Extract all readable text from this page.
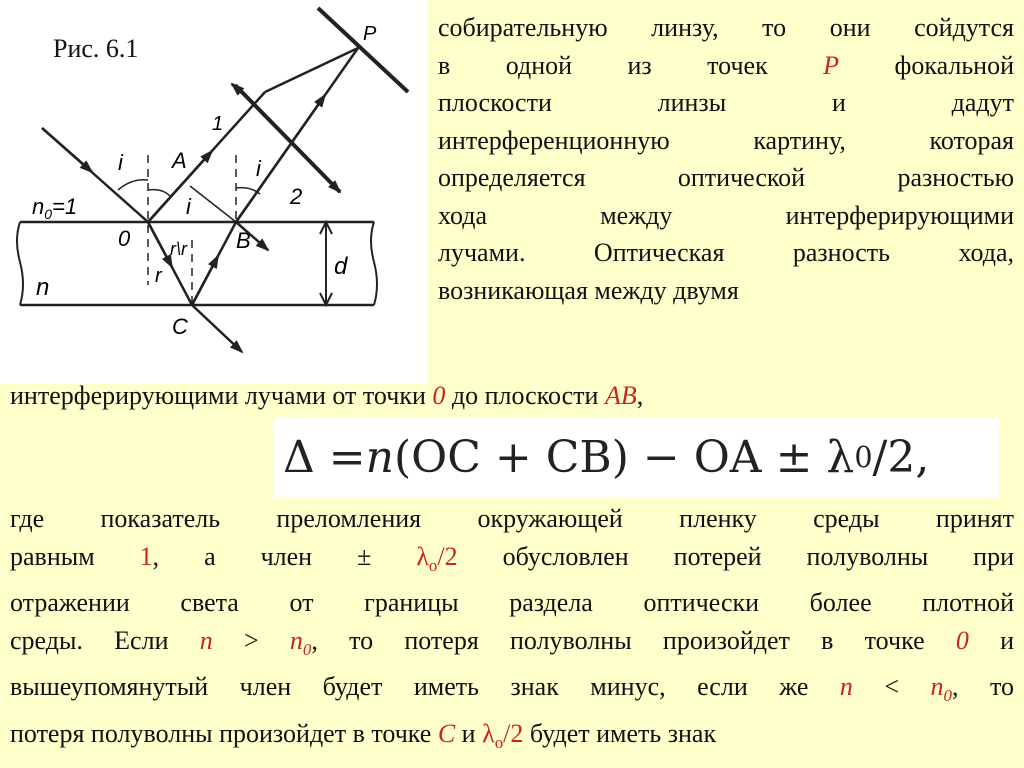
P
i A
1
i
i
2
$n_0=1$
0	B
r\r
r	d
n
C
Рис. 6.1
собирательную линзу, то они сойдутся
в одной из точек P фокальной
плоскости линзы и дадут
интерференционную картину, которая
определяется оптической разностью
хода между интерферирующими
лучами. Оптическая разность хода,
возникающая между двумя
интерферирующими лучами от точки 0 до плоскости AB,
Δ = n (OC + CB) − OA ± λ 0 /2,
где показатель преломления окружающей пленку среды принят
равным 1, а член ± $\lambda_o/2$ обусловлен потерей полуволны при
отражении света от границы раздела оптически более плотной
среды. Если $n > n_0$, то потеря полуволны произойдет в точке 0 и
вышеупомянутый член будет иметь знак минус, если же $n < n_0$, то
потеря полуволны произойдет в точке C и $\lambda_o/2$ будет иметь знак
